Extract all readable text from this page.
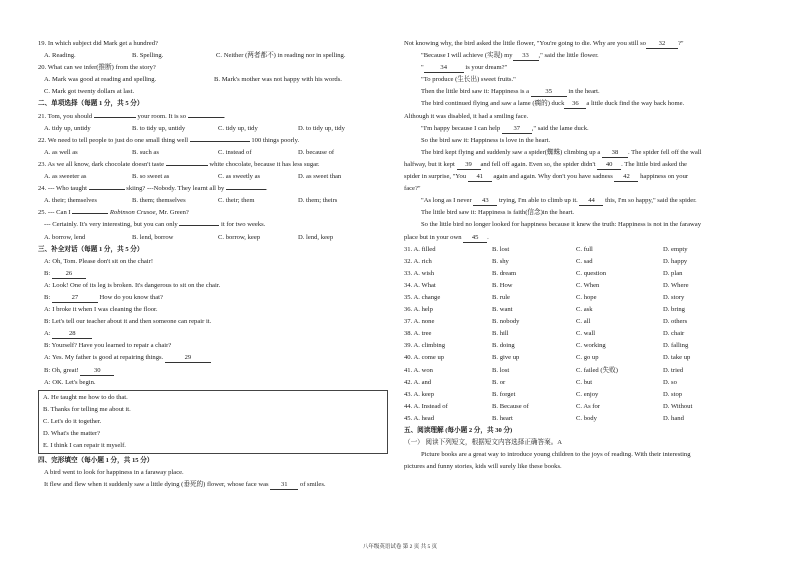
19. In which subject did Mark get a hundred?
A. Reading.	B. Spelling.	C. Neither (两者都不) in reading nor in spelling.
20. What can we infer(推断) from the story?
A. Mark was good at reading and spelling.	B. Mark's mother was not happy with his words.
C. Mark got twenty dollars at last.
二、单项选择（每题 1 分，共 5 分）
21. Tom, you should	your room. It is so	.
A. tidy up, untidy	B. to tidy up, untidy	C. tidy up, tidy	D. to tidy up, tidy
22. We need to tell people to just do one small thing well	100 things poorly.
A. as well as	B. such as	C. instead of	D. because of
23. As we all know, dark chocolate doesn't taste	white chocolate, because it has less sugar.
A. as sweeter as	B. so sweet as	C. as sweetly as	D. as sweet than
24. --- Who taught	skiing? ---Nobody. They learnt all by	.
A. their; themselves	B. them; themselves	C. their; them	D. them; theirs
25. --- Can I	Robinson Crusoe, Mr. Green?
--- Certainly. It's very interesting, but you can only	it for two weeks.
A. borrow, lend	B. lend, borrow	C. borrow, keep	D. lend, keep
三、补全对话（每题 1 分，共 5 分）
A: Oh, Tom. Please don't sit on the chair!
B: 26
A: Look! One of its leg is broken. It's dangerous to sit on the chair.
B:	27	How do you know that?
A: I broke it when I was cleaning the floor.
B: Let's tell our teacher about it and then someone can repair it.
A:	28
B: Yourself? Have you learned to repair a chair?
A: Yes. My father is good at repairing things.	29
B: Oh, great! 30
A: OK. Let's begin.
A. He taught me how to do that.
B. Thanks for telling me about it.
C. Let's do it together.
D. What's the matter?
E. I think I can repair it myself.
四、完形填空（每小题 1 分，共 15 分）
A bird went to look for happiness in a faraway place.
It flew and flew when it suddenly saw a little dying (垂死的) flower, whose face was 31 of smiles.
Not knowing why, the bird asked the little flower, "You're going to die. Why are you still so 32 ?"
"Because I will achieve (实现) my 33 ," said the little flower.
"	34	is your dream?"
"To produce (生长出) sweet fruits."
Then the little bird saw it: Happiness is a 35 in the heart.
The bird continued flying and saw a lame (瘸的) duck 36 a little duck find the way back home.
Although it was disabled, it had a smiling face.
"I'm happy because I can help 37 ," said the lame duck.
So the bird saw it: Happiness is love in the heart.
The bird kept flying and suddenly saw a spider(蜘蛛) climbing up a 38 . The spider fell off the wall
halfway, but it kept 39 and fell off again. Even so, the spider didn't 40 . The little bird asked the
spider in surprise, "You 41 again and again. Why don't you have sadness 42 happiness on your
face?"
"As long as I never 43 trying, I'm able to climb up it. 44 this, I'm so happy," said the spider.
The little bird saw it: Happiness is faith(信念)in the heart.
So the little bird no longer looked for happiness because it knew the truth: Happiness is not in the faraway
place but in your own 45 .
31. A. filled	B. lost	C. full	D. empty
32. A. rich	B. shy	C. sad	D. happy
33. A. wish	B. dream	C. question	D. plan
34. A. What	B. How	C. When	D. Where
35. A. change	B. rule	C. hope	D. story
36. A. help	B. want	C. ask	D. bring
37. A. none	B. nobody	C. all	D. others
38. A. tree	B. hill	C. wall	D. chair
39. A. climbing	B. doing	C. working	D. falling
40. A. come up	B. give up	C. go up	D. take up
41. A. won	B. lost	C. failed (失败)	D. tried
42. A. and	B. or	C. but	D. so
43. A. keep	B. forget	C. enjoy	D. stop
44. A. Instead of	B. Because of	C. As for	D. Without
45. A. head	B. heart	C. body	D. hand
五、阅读理解 (每小题 2 分，共 30 分)
（一） 阅读下列短文，根据短文内容选择正确答案。A
Picture books are a great way to introduce young children to the joys of reading. With their interesting
pictures and funny stories, kids will surely like these books.
八年级英语试卷 第 2 页 共 5 页
